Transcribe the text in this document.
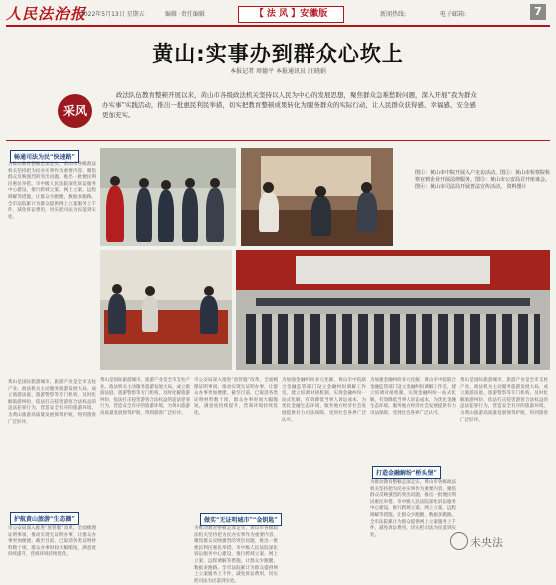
人民法治报
2022年5月13日 星期五	编辑 ·责任编辑	【 法 风 】安徽版	新闻热线:	电子邮箱:	7
黄山:实事办到群众心坎上
本报记者 周德平 本报通讯员 汪晓娟
采风
政法队伍教育整顿开展以来，黄山市各级政法机关坚持以人民为中心的发展思想，聚焦群众急难愁盼问题，深入开展“我为群众办实事”实践活动，推出一批惠民利民举措，切实把教育整顿成果转化为服务群众的实际行动，让人民群众获得感、幸福感、安全感更加充实。
畅通司法为民“快速路”
为推动教育整顿走深走实，黄山市各级政法机关坚持把为民办实事作为重要内容，聚焦群众反映强烈的突出问题，推出一批便民利民惠民举措。市中级人民法院深化诉讼服务中心建设，推行跨域立案、网上立案、远程调解等措施，让群众少跑腿，数据多跑路。全市法院累计为群众提供网上立案服务上千件，减免诉讼费用，切实把司法为民落到实处。
图①：黄山市中院开展入户走访活动。图②：黄山市检察院检察官到企业开展法律服务。图③：黄山市公安局召开座谈会。图④：黄山市司法局开展普法宣传活动。 资料图片
护航黄山旅游“生态圈”
黄山是国际旅游城市，旅游产业是全市支柱产业。政法机关主动服务旅游发展大局，成立旅游法庭、旅游警察等专门机构，及时化解旅游纠纷，依法打击侵害游客合法权益的违法犯罪行为，营造安全有序的旅游环境，为黄山旅游高质量发展保驾护航，得到游客广泛好评。
市公安局深入推进“放管服”改革，全面梳理证明事项，推动实现无证明办事，让群众办事更加便捷。截至目前，已取消各类证明材料数十项，群众办事时间大幅缩短，满意度持续提升，营商环境持续优化。
黄山是国际旅游城市，旅游产业是全市支柱产业。政法机关主动服务旅游发展大局，成立旅游法庭、旅游警察等专门机构，及时化解旅游纠纷，依法打击侵害游客合法权益的违法犯罪行为，营造安全有序的旅游环境，为黄山旅游高质量发展保驾护航，得到游客广泛好评。
市公安局深入推进“放管服”改革，全面梳理证明事项，推动实现无证明办事，让群众办事更加便捷。截至目前，已取消各类证明材料数十项，群众办事时间大幅缩短，满意度持续提升，营商环境持续优化。
做实“无证明城市”“金钥匙”
为推动教育整顿走深走实，黄山市各级政法机关坚持把为民办实事作为重要内容，聚焦群众反映强烈的突出问题，推出一批便民利民惠民举措。市中级人民法院深化诉讼服务中心建设，推行跨域立案、网上立案、远程调解等措施，让群众少跑腿，数据多跑路。全市法院累计为群众提供网上立案服务上千件，减免诉讼费用，切实把司法为民落到实处。
为加强金融纠纷多元化解，黄山市中院联合金融监管部门设立金融纠纷调解工作室，建立诉调对接机制，实现金融纠纷一站式化解，有效降低当事人诉讼成本，为优化金融生态环境、服务地方经济社会发展提供有力司法保障，受到社会各界广泛认可。
打造金融解纷“桥头堡”
为加强金融纠纷多元化解，黄山市中院联合金融监管部门设立金融纠纷调解工作室，建立诉调对接机制，实现金融纠纷一站式化解，有效降低当事人诉讼成本，为优化金融生态环境、服务地方经济社会发展提供有力司法保障，受到社会各界广泛认可。
为推动教育整顿走深走实，黄山市各级政法机关坚持把为民办实事作为重要内容，聚焦群众反映强烈的突出问题，推出一批便民利民惠民举措。市中级人民法院深化诉讼服务中心建设，推行跨域立案、网上立案、远程调解等措施，让群众少跑腿，数据多跑路。全市法院累计为群众提供网上立案服务上千件，减免诉讼费用，切实把司法为民落到实处。
黄山是国际旅游城市，旅游产业是全市支柱产业。政法机关主动服务旅游发展大局，成立旅游法庭、旅游警察等专门机构，及时化解旅游纠纷，依法打击侵害游客合法权益的违法犯罪行为，营造安全有序的旅游环境，为黄山旅游高质量发展保驾护航，得到游客广泛好评。
未央法
